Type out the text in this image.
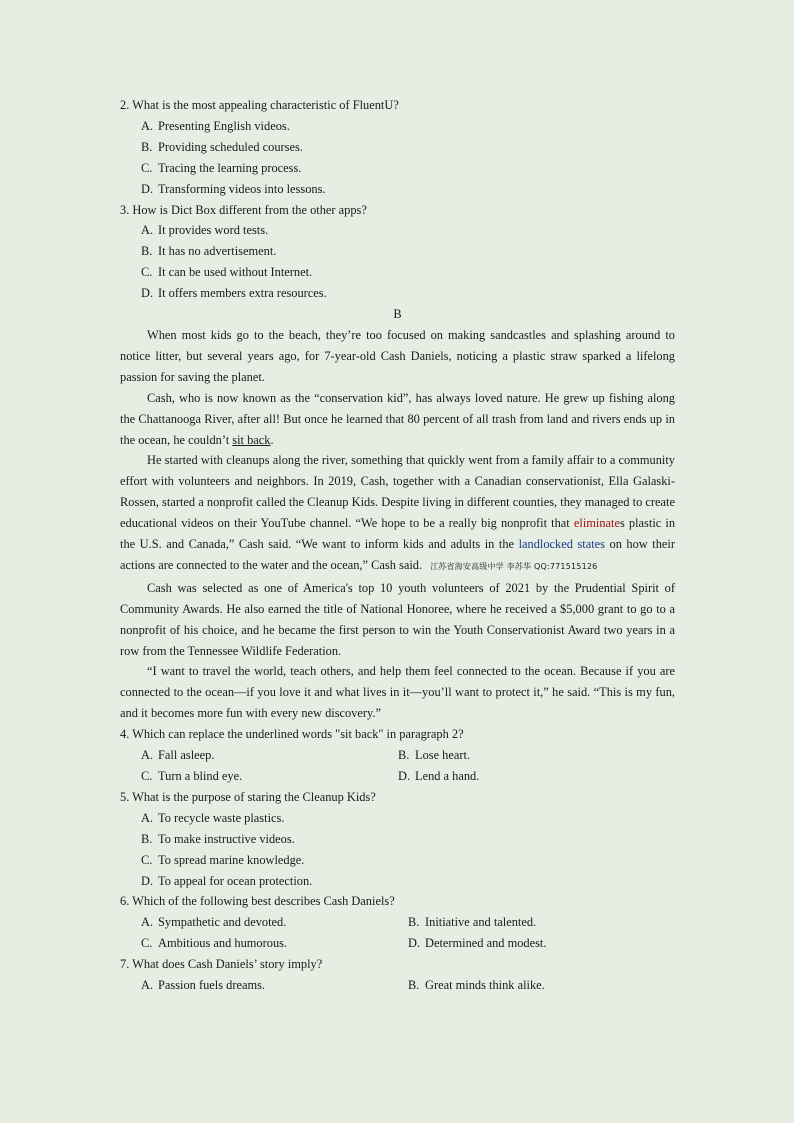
2. What is the most appealing characteristic of FluentU?
A. Presenting English videos.
B. Providing scheduled courses.
C. Tracing the learning process.
D. Transforming videos into lessons.
3. How is Dict Box different from the other apps?
A. It provides word tests.
B. It has no advertisement.
C. It can be used without Internet.
D. It offers members extra resources.
B

When most kids go to the beach, they’re too focused on making sandcastles and splashing around to notice litter, but several years ago, for 7-year-old Cash Daniels, noticing a plastic straw sparked a lifelong passion for saving the planet.

Cash, who is now known as the “conservation kid”, has always loved nature. He grew up fishing along the Chattanooga River, after all! But once he learned that 80 percent of all trash from land and rivers ends up in the ocean, he couldn’t sit back.

He started with cleanups along the river, something that quickly went from a family affair to a community effort with volunteers and neighbors. In 2019, Cash, together with a Canadian conservationist, Ella Galaski-Rossen, started a nonprofit called the Cleanup Kids. Despite living in different counties, they managed to create educational videos on their YouTube channel. “We hope to be a really big nonprofit that eliminates plastic in the U.S. and Canada,” Cash said. “We want to inform kids and adults in the landlocked states on how their actions are connected to the water and the ocean,” Cash said. 江苏省海安高级中学 李苏华 QQ:771515126

Cash was selected as one of America's top 10 youth volunteers of 2021 by the Prudential Spirit of Community Awards. He also earned the title of National Honoree, where he received a $5,000 grant to go to a nonprofit of his choice, and he became the first person to win the Youth Conservationist Award two years in a row from the Tennessee Wildlife Federation.

“I want to travel the world, teach others, and help them feel connected to the ocean. Because if you are connected to the ocean—if you love it and what lives in it—you’ll want to protect it,” he said. “This is my fun, and it becomes more fun with every new discovery.”

4. Which can replace the underlined words "sit back" in paragraph 2?
A. Fall asleep.	B. Lose heart.
C. Turn a blind eye.	D. Lend a hand.
5. What is the purpose of staring the Cleanup Kids?
A. To recycle waste plastics.
B. To make instructive videos.
C. To spread marine knowledge.
D. To appeal for ocean protection.
6. Which of the following best describes Cash Daniels?
A. Sympathetic and devoted.	B. Initiative and talented.
C. Ambitious and humorous.	D. Determined and modest.
7. What does Cash Daniels’ story imply?
A. Passion fuels dreams.	B. Great minds think alike.
